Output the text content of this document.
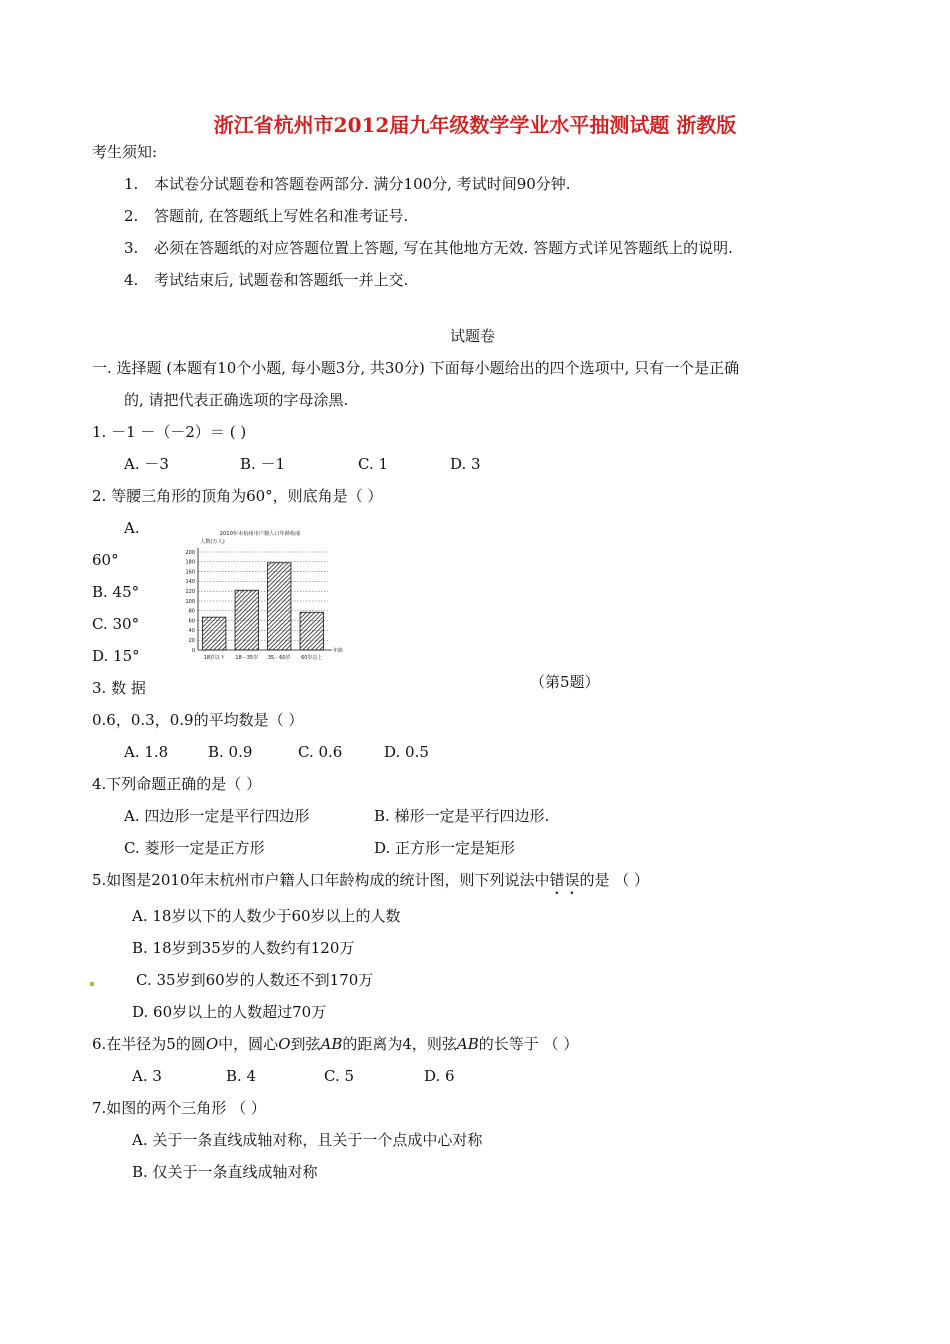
浙江省杭州市2012届九年级数学学业水平抽测试题 浙教版
考生须知:
1. 本试卷分试题卷和答题卷两部分. 满分100分, 考试时间90分钟.
2. 答题前, 在答题纸上写姓名和准考证号.
3. 必须在答题纸的对应答题位置上答题, 写在其他地方无效. 答题方式详见答题纸上的说明.
4. 考试结束后, 试题卷和答题纸一并上交.
试题卷
一. 选择题 (本题有10个小题, 每小题3分, 共30分) 下面每小题给出的四个选项中, 只有一个是正确
的, 请把代表正确选项的字母涂黑.
1. －1 －（－2）＝ ( )
A. －3	B. －1	C. 1	D. 3
2. 等腰三角形的顶角为60°，则底角是（ ）
A.
60°
B. 45°
C. 30°
D. 15°
2010年末杭州市户籍人口年龄构成
人数(万人)
0
20
40
60
80
100
120
140
160
180
200
年龄
18岁以下 18－35岁 35－60岁 60岁以上
3. 数 据	（第5题）
0.6，0.3，0.9的平均数是（ ）
A. 1.8	B. 0.9	C. 0.6	D. 0.5
4.下列命题正确的是（ ）
A. 四边形一定是平行四边形	B. 梯形一定是平行四边形.
C. 菱形一定是正方形	D. 正方形一定是矩形
5.如图是2010年末杭州市户籍人口年龄构成的统计图，则下列说法中错误的是 （ ）
A. 18岁以下的人数少于60岁以上的人数
B. 18岁到35岁的人数约有120万
C. 35岁到60岁的人数还不到170万
D. 60岁以上的人数超过70万
6.在半径为5的圆O中，圆心O到弦AB的距离为4，则弦AB的长等于 （ ）
A. 3	B. 4	C. 5	D. 6
7.如图的两个三角形 （ ）
A. 关于一条直线成轴对称，且关于一个点成中心对称
B. 仅关于一条直线成轴对称
